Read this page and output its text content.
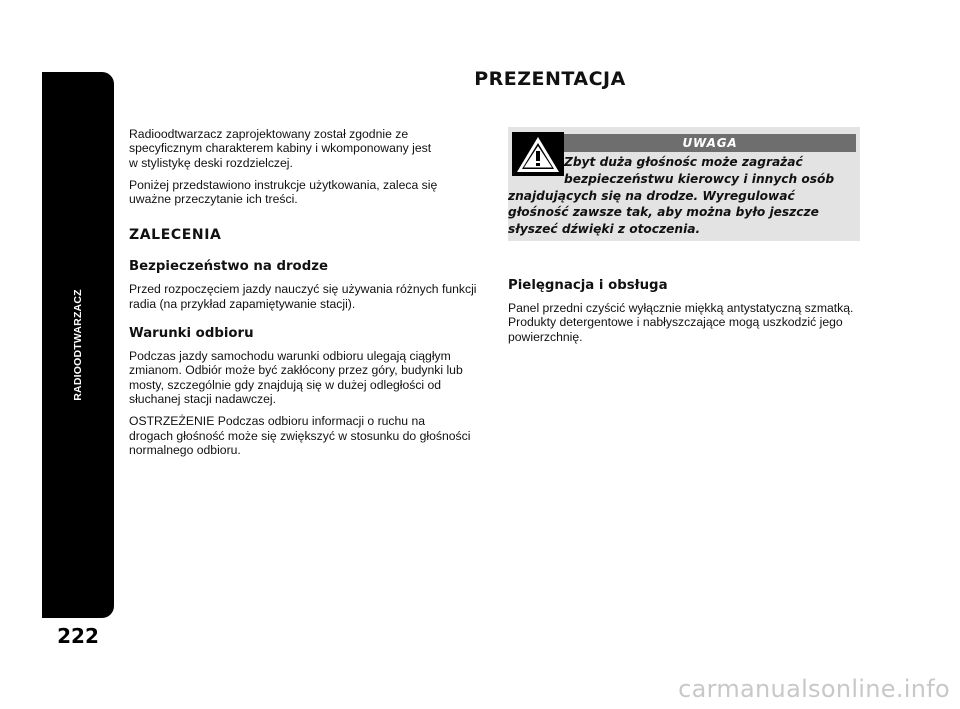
RADIOODTWARZACZ
222
PREZENTACJA

Radioodtwarzacz zaprojektowany został zgodnie ze
specyficznym charakterem kabiny i wkomponowany jest
w stylistykę deski rozdzielczej.

Poniżej przedstawiono instrukcje użytkowania, zaleca się
uważne przeczytanie ich treści.

ZALECENIA
Bezpieczeństwo na drodze

Przed rozpoczęciem jazdy nauczyć się używania różnych funkcji
radia (na przykład zapamiętywanie stacji).

Warunki odbioru

Podczas jazdy samochodu warunki odbioru ulegają ciągłym
zmianom. Odbiór może być zakłócony przez góry, budynki lub
mosty, szczególnie gdy znajdują się w dużej odległości od
słuchanej stacji nadawczej.

OSTRZEŻENIE Podczas odbioru informacji o ruchu na
drogach głośność może się zwiększyć w stosunku do głośności
normalnego odbioru.

UWAGA
Zbyt duża głośnośc może zagrażać
bezpieczeństwu kierowcy i innych osób
znajdujących się na drodze. Wyregulować
głośność zawsze tak, aby można było jeszcze
słyszeć dźwięki z otoczenia.
Pielęgnacja i obsługa

Panel przedni czyścić wyłącznie miękką antystatyczną szmatką.
Produkty detergentowe i nabłyszczające mogą uszkodzić jego
powierzchnię.

carmanualsonline.info
